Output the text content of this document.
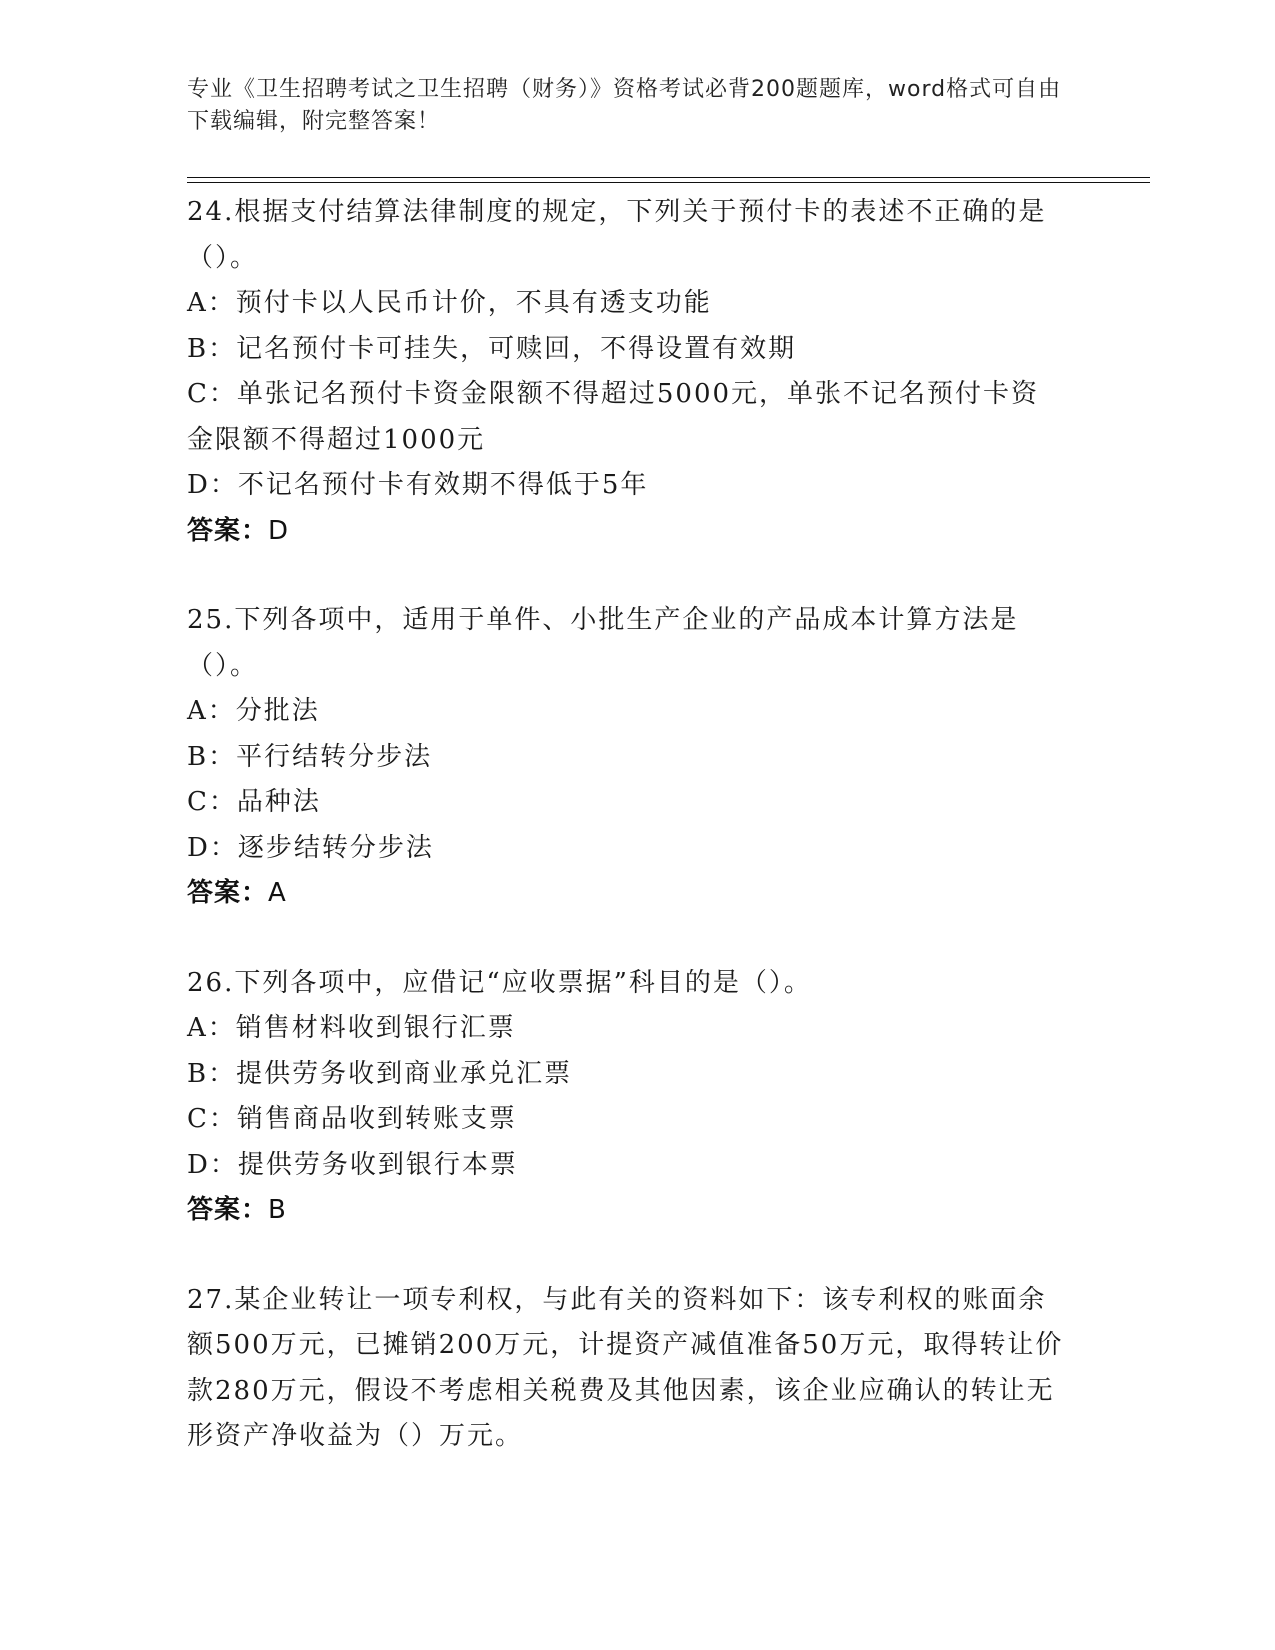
专业《卫生招聘考试之卫生招聘（财务）》资格考试必背200题题库，word格式可自由下载编辑，附完整答案！
24.根据支付结算法律制度的规定，下列关于预付卡的表述不正确的是（）。
A：预付卡以人民币计价，不具有透支功能
B：记名预付卡可挂失，可赎回，不得设置有效期
C：单张记名预付卡资金限额不得超过5000元，单张不记名预付卡资金限额不得超过1000元
D：不记名预付卡有效期不得低于5年
答案：D
25.下列各项中，适用于单件、小批生产企业的产品成本计算方法是（）。
A：分批法
B：平行结转分步法
C：品种法
D：逐步结转分步法
答案：A
26.下列各项中，应借记“应收票据”科目的是（）。
A：销售材料收到银行汇票
B：提供劳务收到商业承兑汇票
C：销售商品收到转账支票
D：提供劳务收到银行本票
答案：B
27.某企业转让一项专利权，与此有关的资料如下：该专利权的账面余额500万元，已摊销200万元，计提资产减值准备50万元，取得转让价款280万元，假设不考虑相关税费及其他因素，该企业应确认的转让无形资产净收益为（）万元。
